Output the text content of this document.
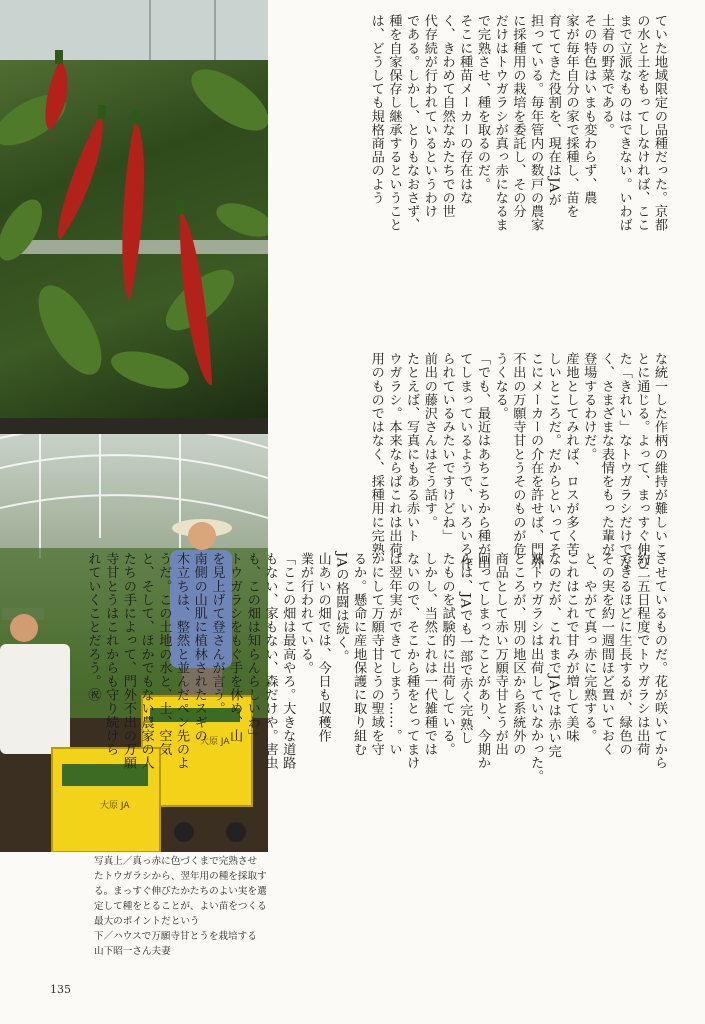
大原 JA
大原 JA
写真上／真っ赤に色づくまで完熟させ
たトウガラシから、翌年用の種を採取す
る。まっすぐ伸びたかたちのよい実を選
定して種をとることが、よい苗をつくる
最大のポイントだという
下／ハウスで万願寺甘とうを栽培する
山下昭一さん夫妻
ていた地域限定の品種だった。京都
の水と土をもってしなければ、ここ
まで立派なものはできない。いわば
土着の野菜である。
その特色はいまも変わらず、農
家が毎年自分の家で採種し、苗を
育ててきた役割を、現在はJAが
担っている。毎年管内の数戸の農家
に採種用の栽培を委託し、その分
だけはトウガラシが真っ赤になるま
で完熟させ、種を取るのだ。
そこに種苗メーカーの存在はな
く、きわめて自然なかたちでの世
代存続が行われているというわけ
である。しかし、とりもなおさず、
種を自家保存し継承するということ
は、どうしても規格商品のよう
な統一した作柄の維持が難しいこ
とに通じる。よって、まっすぐ伸び
た「きれい」なトウガラシだけでな
く、さまざまな表情をもった輩が
登場するわけだ。
産地としてみれば、ロスが多く苦
しいところだ。だからといってそ
こにメーカーの介在を許せば、門外
不出の万願寺甘とうそのものが危
うくなる。
「でも、最近はあちこちから種が出
てしまっているようで、いろいろ作
られているみたいですけどね」
前出の藤沢さんはそう話す。
たとえば、写真にもある赤いト
ウガラシ。本来ならばこれは出荷
用のものではなく、採種用に完熟
させているものだ。花が咲いてから
約二五日程度でトウガラシは出荷
できるほどに生長するが、緑色の
その実を約一週間ほど置いておく
と、やがて真っ赤に完熟する。
これはこれで甘みが増して美味
なのだが、これまでJAでは赤い完
熟トウガラシは出荷していなかった。
ところが、別の地区から系統外の
商品として赤い万願寺甘とうが出
回ってしまったことがあり、今期か
らは、JAでも一部で赤く完熟し
たものを試験的に出荷している。
しかし、当然これは一代雑種では
ないので、そこから種をとってまけ
ば翌年実ができてしまう……。い
かにして万願寺甘とうの聖域を守
るか。懸命に産地保護に取り組む
JAの格闘は続く。
山あいの畑では、今日も収穫作
業が行われている。
「ここの畑は最高やろ。大きな道路
もない、家もない、森だけや。害虫
も、この畑は知らんらしいわ」
トウガラシをもぐ手を休め、山
を見上げて登さんが言う。
南側の山肌に植林されたスギの
木立ちは、整然と並んだペン先のよ
うだ。この土地の水と、土、空気
と、そして、ほかでもない農家の人
たちの手によって、門外不出の万願
寺甘とうはこれからも守り続けら
れていくことだろう。㊗
135
